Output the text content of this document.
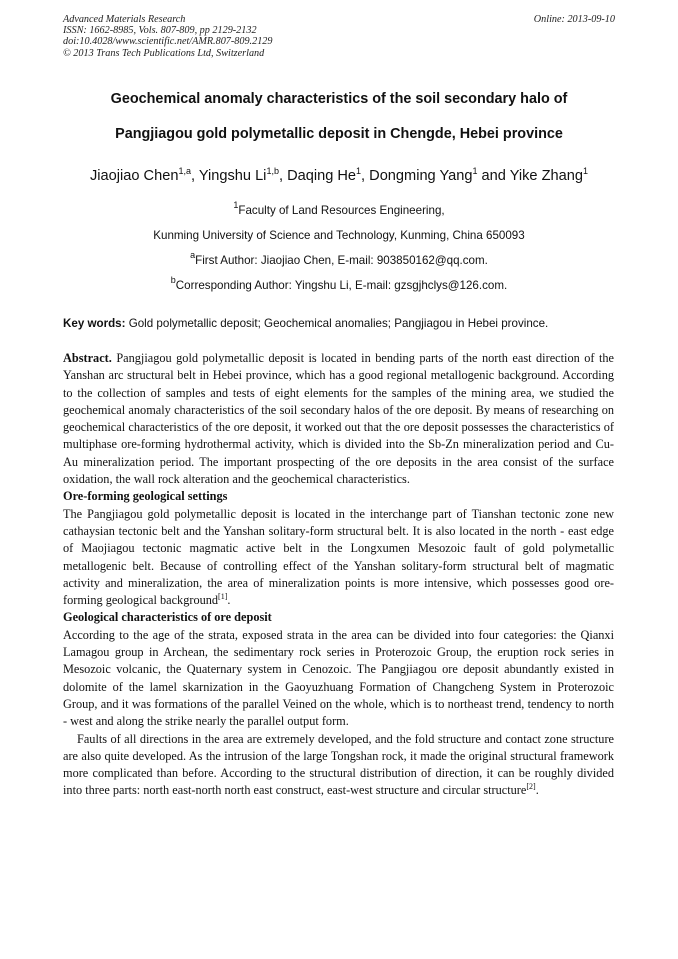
Advanced Materials Research
ISSN: 1662-8985, Vols. 807-809, pp 2129-2132
doi:10.4028/www.scientific.net/AMR.807-809.2129
© 2013 Trans Tech Publications Ltd, Switzerland
Online: 2013-09-10
Geochemical anomaly characteristics of the soil secondary halo of
Pangjiagou gold polymetallic deposit in Chengde, Hebei province
Jiaojiao Chen$^{1,a}$, Yingshu Li$^{1,b}$, Daqing He$^1$, Dongming Yang$^1$ and Yike Zhang$^1$
$^1$Faculty of Land Resources Engineering,
Kunming University of Science and Technology, Kunming, China 650093
$^a$First Author: Jiaojiao Chen, E-mail: 903850162@qq.com.
$^b$Corresponding Author: Yingshu Li, E-mail: gzsgjhclys@126.com.
Key words: Gold polymetallic deposit; Geochemical anomalies; Pangjiagou in Hebei province.

Abstract. Pangjiagou gold polymetallic deposit is located in bending parts of the north east direction of the Yanshan arc structural belt in Hebei province, which has a good regional metallogenic background. According to the collection of samples and tests of eight elements for the samples of the mining area, we studied the geochemical anomaly characteristics of the soil secondary halos of the ore deposit. By means of researching on geochemical characteristics of the ore deposit, it worked out that the ore deposit possesses the characteristics of multiphase ore-forming hydrothermal activity, which is divided into the Sb-Zn mineralization period and Cu-Au mineralization period. The important prospecting of the ore deposits in the area consist of the surface oxidation, the wall rock alteration and the geochemical characteristics.

Ore-forming geological settings

The Pangjiagou gold polymetallic deposit is located in the interchange part of Tianshan tectonic zone new cathaysian tectonic belt and the Yanshan solitary-form structural belt. It is also located in the north - east edge of Maojiagou tectonic magmatic active belt in the Longxumen Mesozoic fault of gold polymetallic metallogenic belt. Because of controlling effect of the Yanshan solitary-form structural belt of magmatic activity and mineralization, the area of mineralization points is more intensive, which possesses good ore-forming geological background[1].

Geological characteristics of ore deposit

According to the age of the strata, exposed strata in the area can be divided into four categories: the Qianxi Lamagou group in Archean, the sedimentary rock series in Proterozoic Group, the eruption rock series in Mesozoic volcanic, the Quaternary system in Cenozoic. The Pangjiagou ore deposit abundantly existed in dolomite of the lamel skarnization in the Gaoyuzhuang Formation of Changcheng System in Proterozoic Group, and it was formations of the parallel Veined on the whole, which is to northeast trend, tendency to north - west and along the strike nearly the parallel output form.

Faults of all directions in the area are extremely developed, and the fold structure and contact zone structure are also quite developed. As the intrusion of the large Tongshan rock, it made the original structural framework more complicated than before. According to the structural distribution of direction, it can be roughly divided into three parts: north east-north north east construct, east-west structure and circular structure[2].
